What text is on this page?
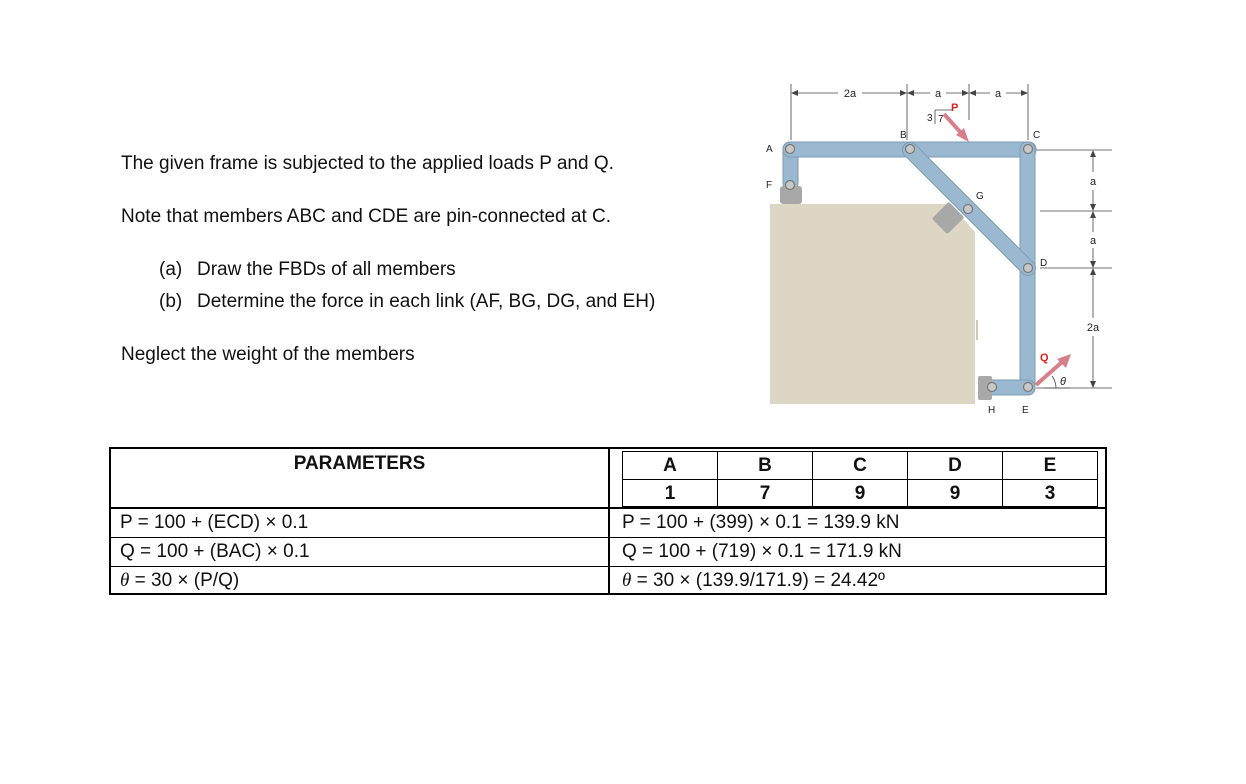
The given frame is subjected to the applied loads P and Q.
Note that members ABC and CDE are pin-connected at C.
(a) Draw the FBDs of all members
(b) Determine the force in each link (AF, BG, DG, and EH)
Neglect the weight of the members
2a	a	a
a
a
2a
A
F
B	C
G
D
H	E
3 7
P
Q
θ
PARAMETERS	A	B	C	D	E
1	7	9	9	3
P = 100 + (ECD) × 0.1	P = 100 + (399) × 0.1 = 139.9 kN
Q = 100 + (BAC) × 0.1	Q = 100 + (719) × 0.1 = 171.9 kN
θ = 30 × (P/Q)	θ = 30 × (139.9/171.9) = 24.42º
